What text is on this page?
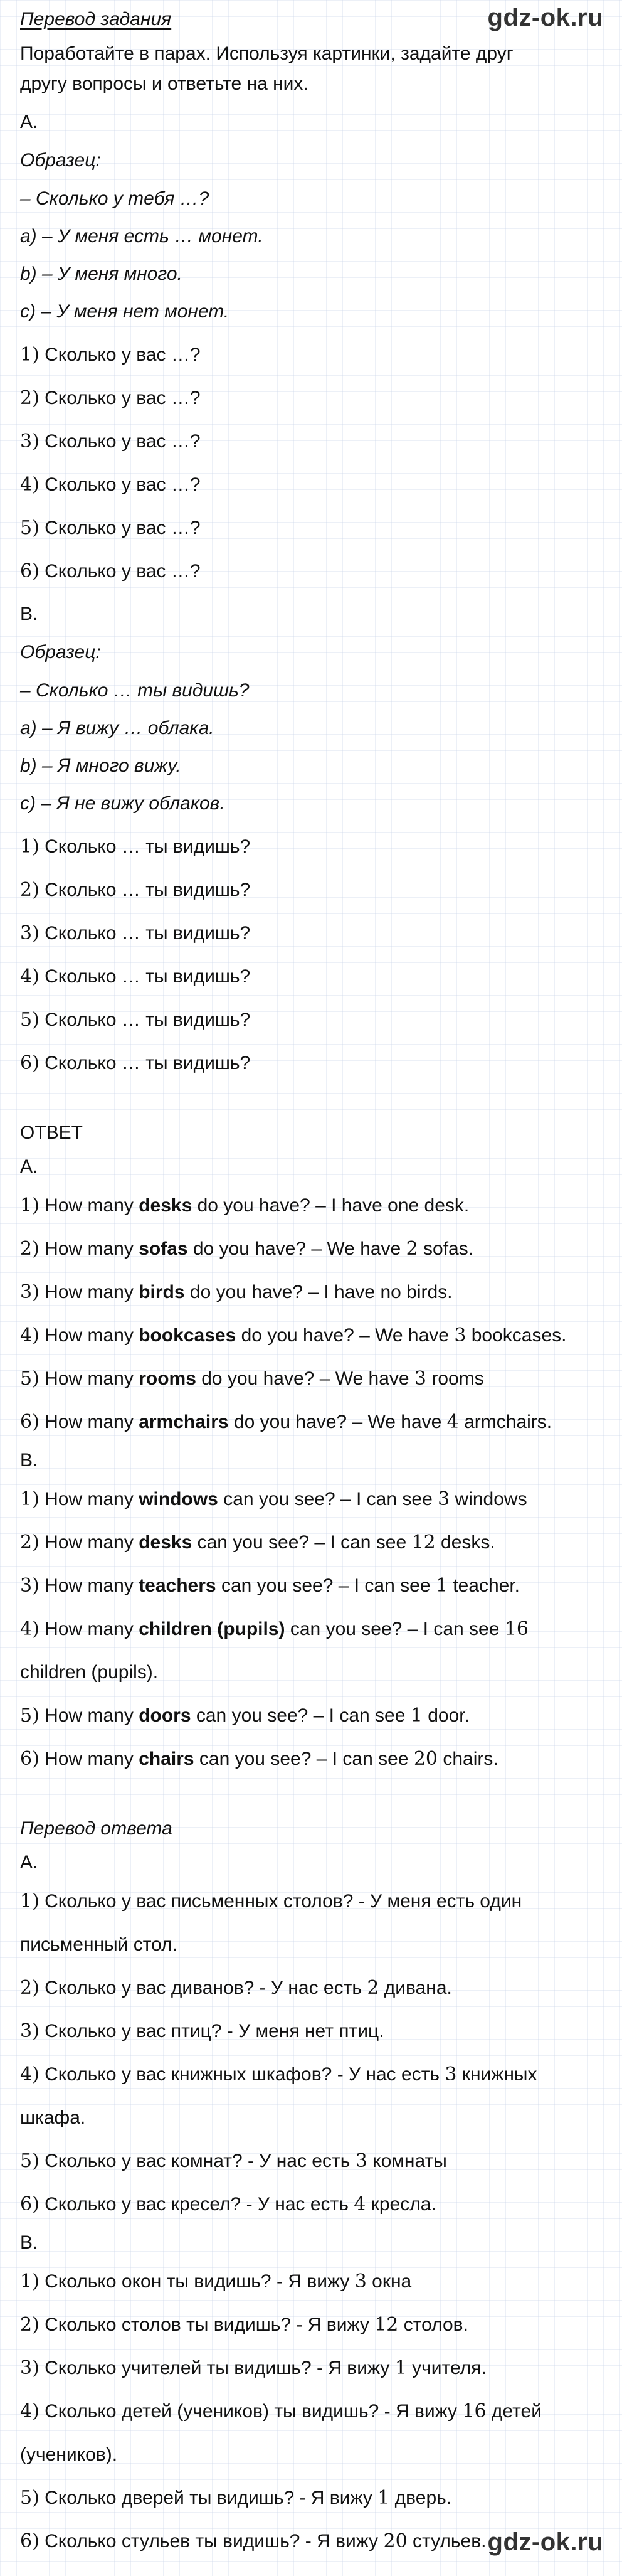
gdz-ok.ru

Перевод задания

Поработайте в парах. Используя картинки, задайте друг

другу вопросы и ответьте на них.

A.

Образец:

– Сколько у тебя …?

a) – У меня есть … монет.

b) – У меня много.

c) – У меня нет монет.

1) Сколько у вас …?

2) Сколько у вас …?

3) Сколько у вас …?

4) Сколько у вас …?

5) Сколько у вас …?

6) Сколько у вас …?

B.

Образец:

– Сколько … ты видишь?

a) – Я вижу … облака.

b) – Я много вижу.

c) – Я не вижу облаков.

1) Сколько … ты видишь?

2) Сколько … ты видишь?

3) Сколько … ты видишь?

4) Сколько … ты видишь?

5) Сколько … ты видишь?

6) Сколько … ты видишь?

ОТВЕТ

A.

1) How many desks do you have? – I have one desk.

2) How many sofas do you have? – We have 2 sofas.

3) How many birds do you have? – I have no birds.

4) How many bookcases do you have? – We have 3 bookcases.

5) How many rooms do you have? – We have 3 rooms

6) How many armchairs do you have? – We have 4 armchairs.

B.

1) How many windows can you see? – I can see 3 windows

2) How many desks can you see? – I can see 12 desks.

3) How many teachers can you see? – I can see 1 teacher.

4) How many children (pupils) can you see? – I can see 16

children (pupils).

5) How many doors can you see? – I can see 1 door.

6) How many chairs can you see? – I can see 20 chairs.

Перевод ответа

A.

1) Сколько у вас письменных столов? - У меня есть один

письменный стол.

2) Сколько у вас диванов? - У нас есть 2 дивана.

3) Сколько у вас птиц? - У меня нет птиц.

4) Сколько у вас книжных шкафов? - У нас есть 3 книжных

шкафа.

5) Сколько у вас комнат? - У нас есть 3 комнаты

6) Сколько у вас кресел? - У нас есть 4 кресла.

B.

1) Сколько окон ты видишь? - Я вижу 3 окна

2) Сколько столов ты видишь? - Я вижу 12 столов.

3) Сколько учителей ты видишь? - Я вижу 1 учителя.

4) Сколько детей (учеников) ты видишь? - Я вижу 16 детей

(учеников).

5) Сколько дверей ты видишь? - Я вижу 1 дверь.

6) Сколько стульев ты видишь? - Я вижу 20 стульев. gdz-ok.ru
